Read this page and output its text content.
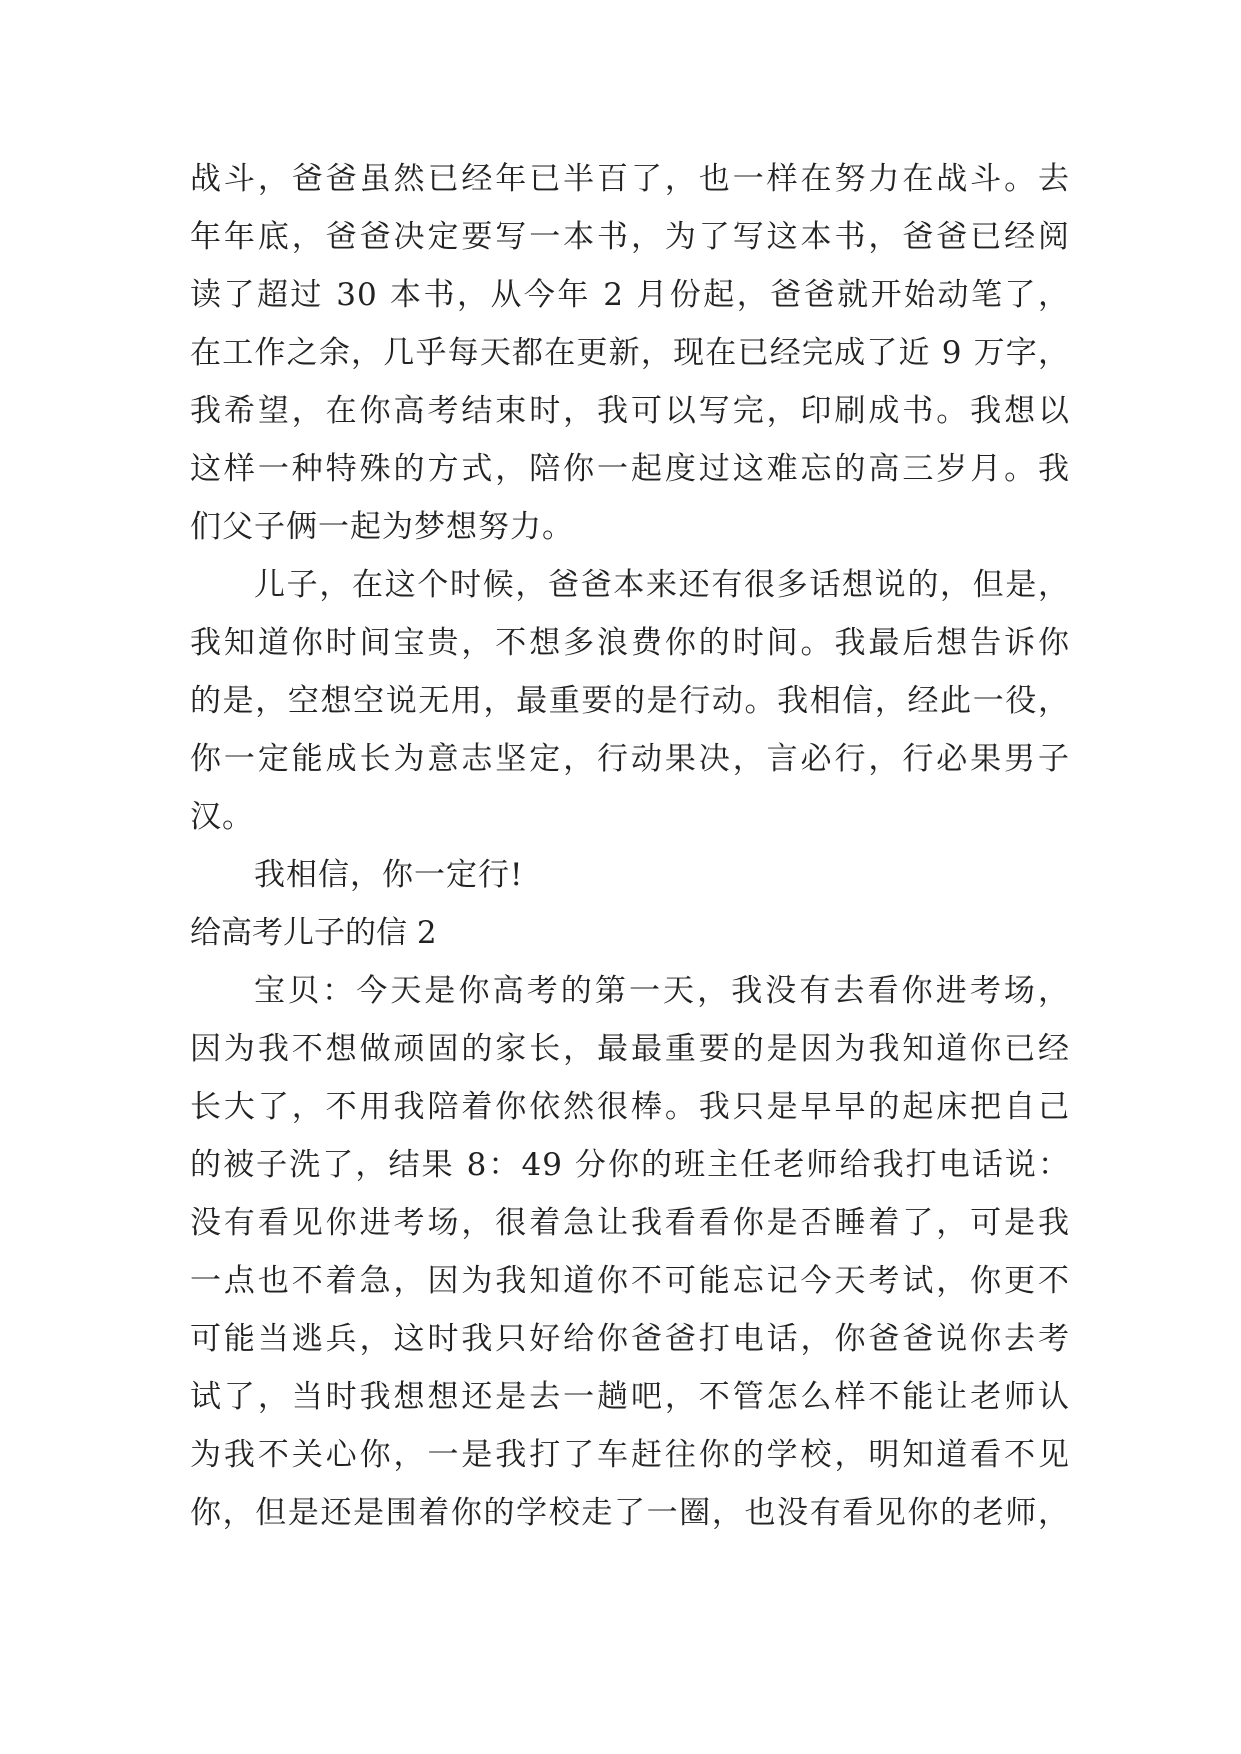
战斗，爸爸虽然已经年已半百了，也一样在努力在战斗。去
年年底，爸爸决定要写一本书，为了写这本书，爸爸已经阅
读了超过 30 本书，从今年 2 月份起，爸爸就开始动笔了，
在工作之余，几乎每天都在更新，现在已经完成了近 9 万字，
我希望，在你高考结束时，我可以写完，印刷成书。我想以
这样一种特殊的方式，陪你一起度过这难忘的高三岁月。我
们父子俩一起为梦想努力。
儿子，在这个时候，爸爸本来还有很多话想说的，但是，
我知道你时间宝贵，不想多浪费你的时间。我最后想告诉你
的是，空想空说无用，最重要的是行动。我相信，经此一役，
你一定能成长为意志坚定，行动果决，言必行，行必果男子
汉。
我相信，你一定行!
给高考儿子的信 2
宝贝：今天是你高考的第一天，我没有去看你进考场，
因为我不想做顽固的家长，最最重要的是因为我知道你已经
长大了，不用我陪着你依然很棒。我只是早早的起床把自己
的被子洗了，结果 8：49 分你的班主任老师给我打电话说：
没有看见你进考场，很着急让我看看你是否睡着了，可是我
一点也不着急，因为我知道你不可能忘记今天考试，你更不
可能当逃兵，这时我只好给你爸爸打电话，你爸爸说你去考
试了，当时我想想还是去一趟吧，不管怎么样不能让老师认
为我不关心你，一是我打了车赶往你的学校，明知道看不见
你，但是还是围着你的学校走了一圈，也没有看见你的老师，
